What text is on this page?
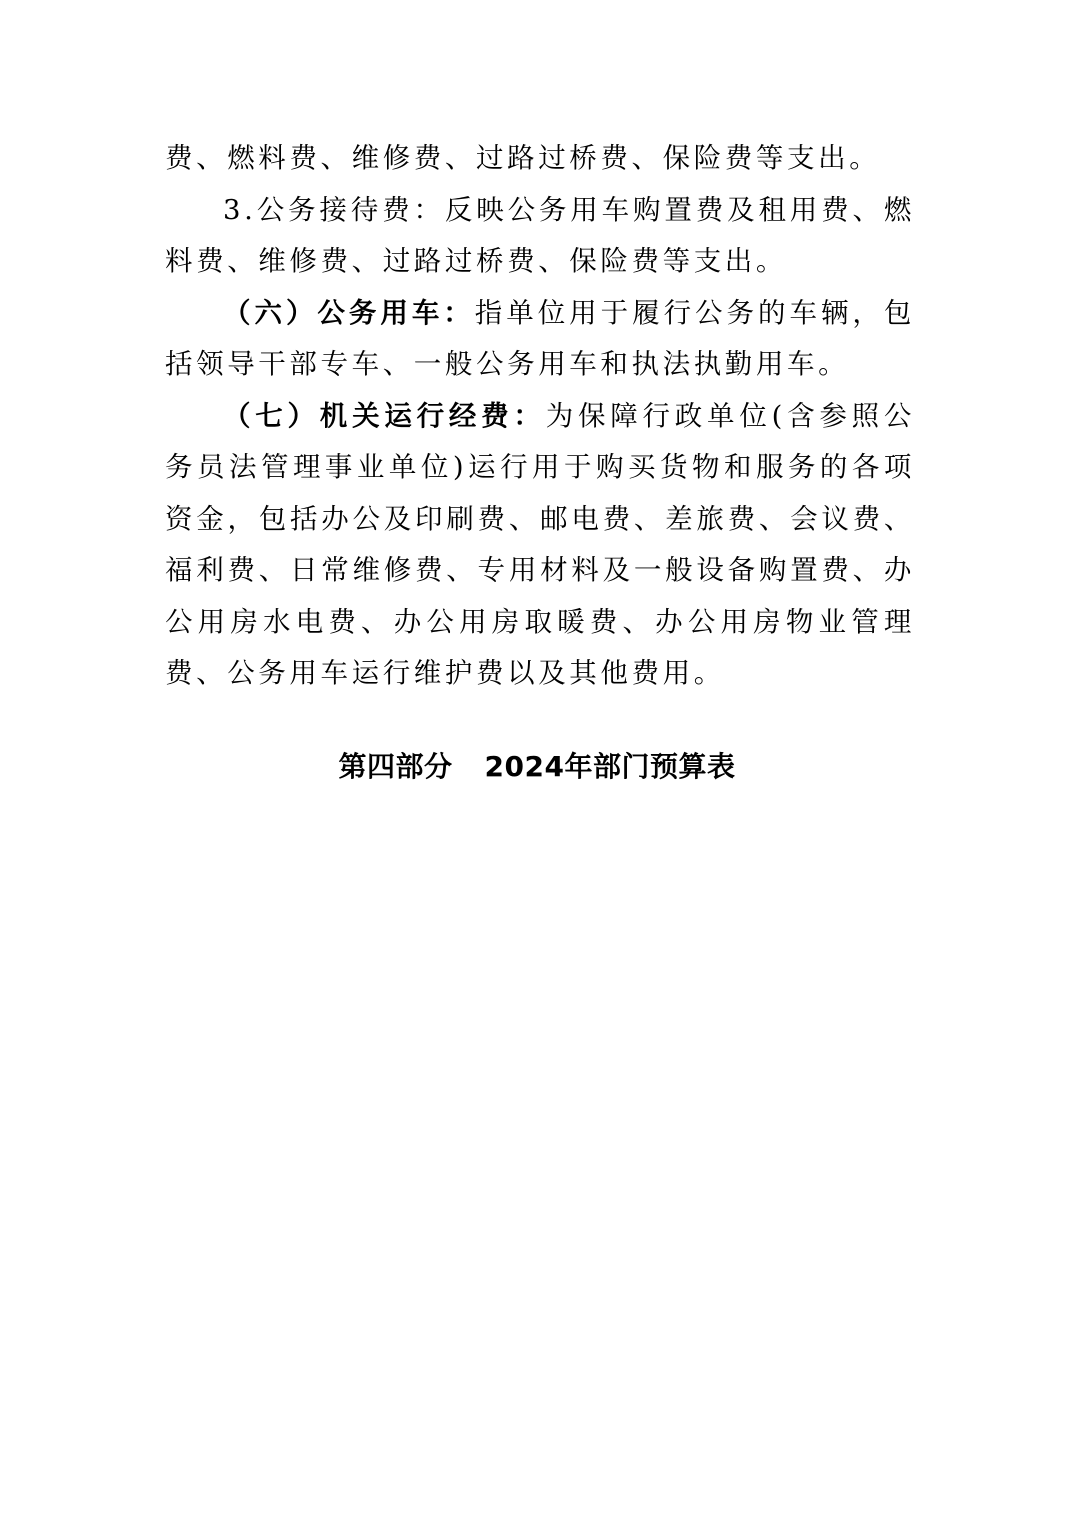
费、燃料费、维修费、过路过桥费、保险费等支出。

3.公务接待费：反映公务用车购置费及租用费、燃料费、维修费、过路过桥费、保险费等支出。

（六）公务用车：指单位用于履行公务的车辆，包括领导干部专车、一般公务用车和执法执勤用车。

（七）机关运行经费：为保障行政单位(含参照公务员法管理事业单位)运行用于购买货物和服务的各项资金，包括办公及印刷费、邮电费、差旅费、会议费、福利费、日常维修费、专用材料及一般设备购置费、办公用房水电费、办公用房取暖费、办公用房物业管理费、公务用车运行维护费以及其他费用。

第四部分 2024年部门预算表
